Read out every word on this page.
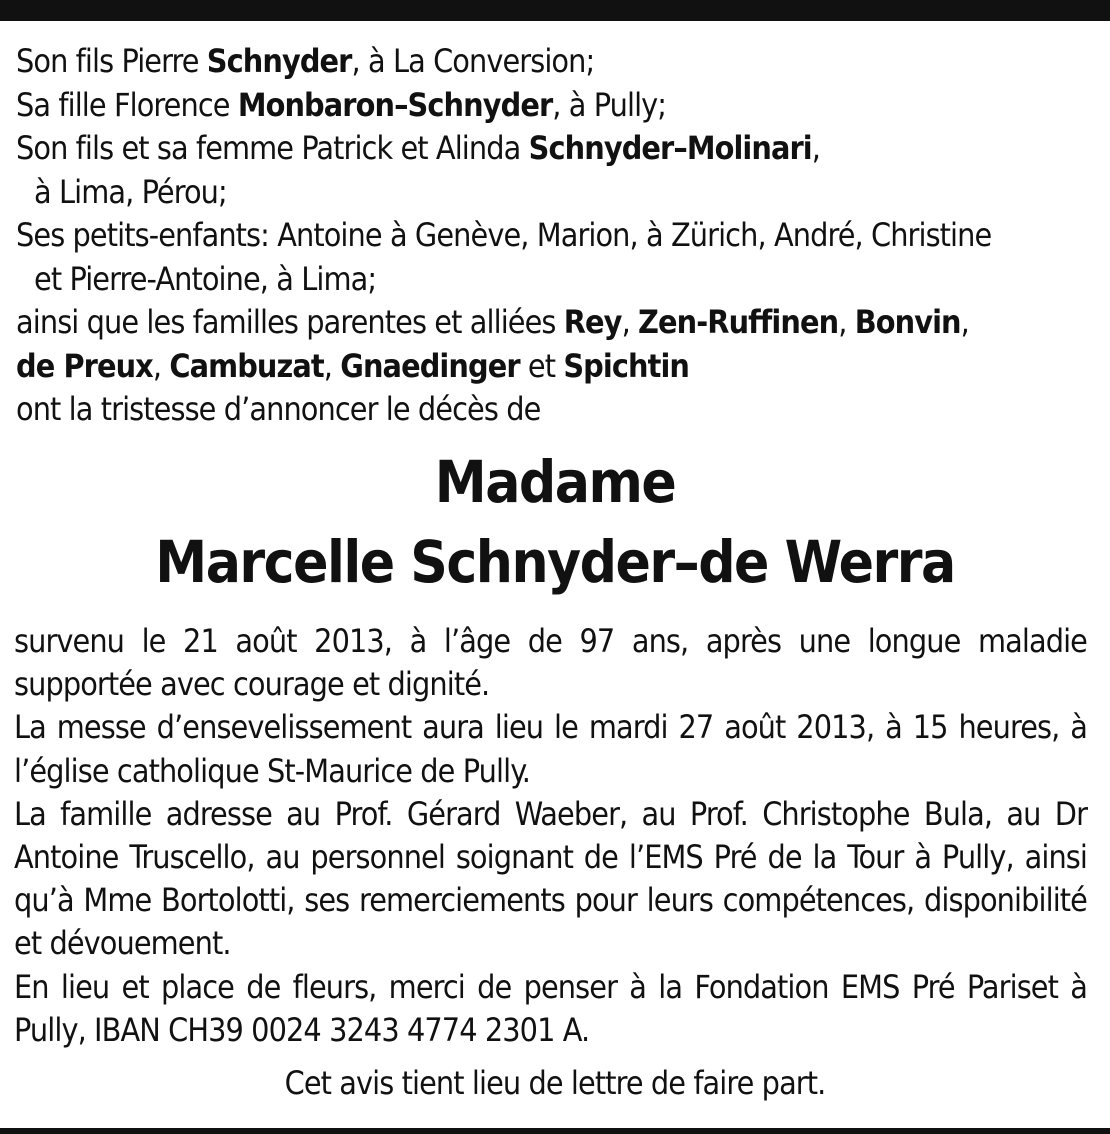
Son fils Pierre Schnyder, à La Conversion;
Sa fille Florence Monbaron–Schnyder, à Pully;
Son fils et sa femme Patrick et Alinda Schnyder–Molinari,
à Lima, Pérou;
Ses petits-enfants: Antoine à Genève, Marion, à Zürich, André, Christine
et Pierre-Antoine, à Lima;
ainsi que les familles parentes et alliées Rey, Zen-Ruffinen, Bonvin,
de Preux, Cambuzat, Gnaedinger et Spichtin
ont la tristesse d’annoncer le décès de
Madame
Marcelle Schnyder–de Werra

survenu le 21 août 2013, à l’âge de 97 ans, après une longue maladie supportée avec courage et dignité.

La messe d’ensevelissement aura lieu le mardi 27 août 2013, à 15 heures, à l’église catholique St-Maurice de Pully.

La famille adresse au Prof. Gérard Waeber, au Prof. Christophe Bula, au Dr Antoine Truscello, au personnel soignant de l’EMS Pré de la Tour à Pully, ainsi qu’à Mme Bortolotti, ses remerciements pour leurs compétences, disponibilité et dévouement.

En lieu et place de fleurs, merci de penser à la Fondation EMS Pré Pariset à Pully, IBAN CH39 0024 3243 4774 2301 A.

Cet avis tient lieu de lettre de faire part.
